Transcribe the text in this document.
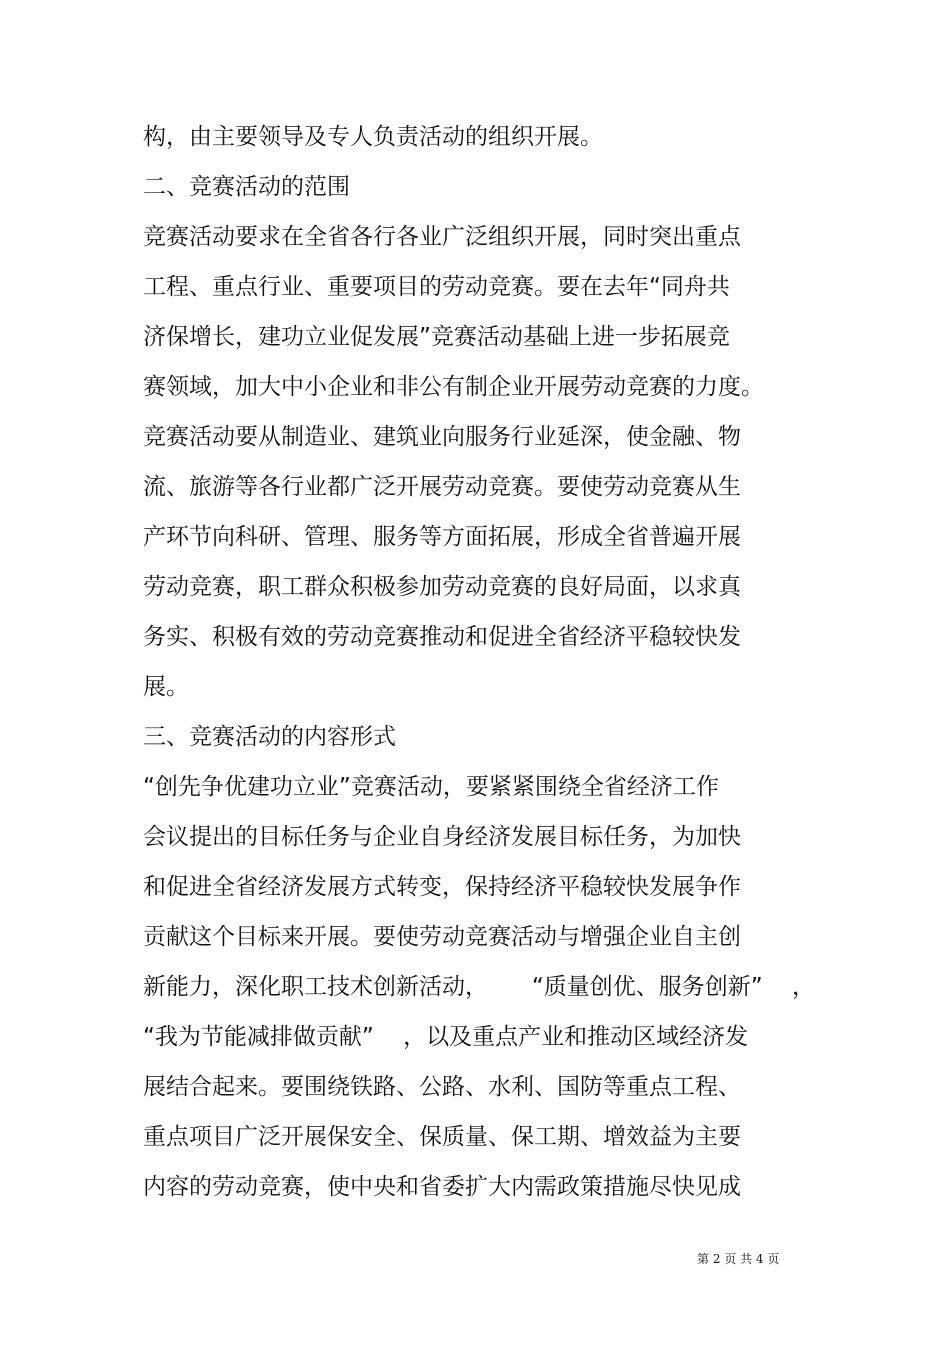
构，由主要领导及专人负责活动的组织开展。
二、竞赛活动的范围
竞赛活动要求在全省各行各业广泛组织开展，同时突出重点
工程、重点行业、重要项目的劳动竞赛。要在去年“同舟共
济保增长，建功立业促发展”竞赛活动基础上进一步拓展竞
赛领域，加大中小企业和非公有制企业开展劳动竞赛的力度。
竞赛活动要从制造业、建筑业向服务行业延深，使金融、物
流、旅游等各行业都广泛开展劳动竞赛。要使劳动竞赛从生
产环节向科研、管理、服务等方面拓展，形成全省普遍开展
劳动竞赛，职工群众积极参加劳动竞赛的良好局面，以求真
务实、积极有效的劳动竞赛推动和促进全省经济平稳较快发
展。
三、竞赛活动的内容形式
“创先争优建功立业”竞赛活动，要紧紧围绕全省经济工作
会议提出的目标任务与企业自身经济发展目标任务，为加快
和促进全省经济发展方式转变，保持经济平稳较快发展争作
贡献这个目标来开展。要使劳动竞赛活动与增强企业自主创
新能力，深化职工技术创新活动，      “质量创优、服务创新”    ，
“我为节能减排做贡献”    ，以及重点产业和推动区域经济发
展结合起来。要围绕铁路、公路、水利、国防等重点工程、
重点项目广泛开展保安全、保质量、保工期、增效益为主要
内容的劳动竞赛，使中央和省委扩大内需政策措施尽快见成
第 2 页 共 4 页
